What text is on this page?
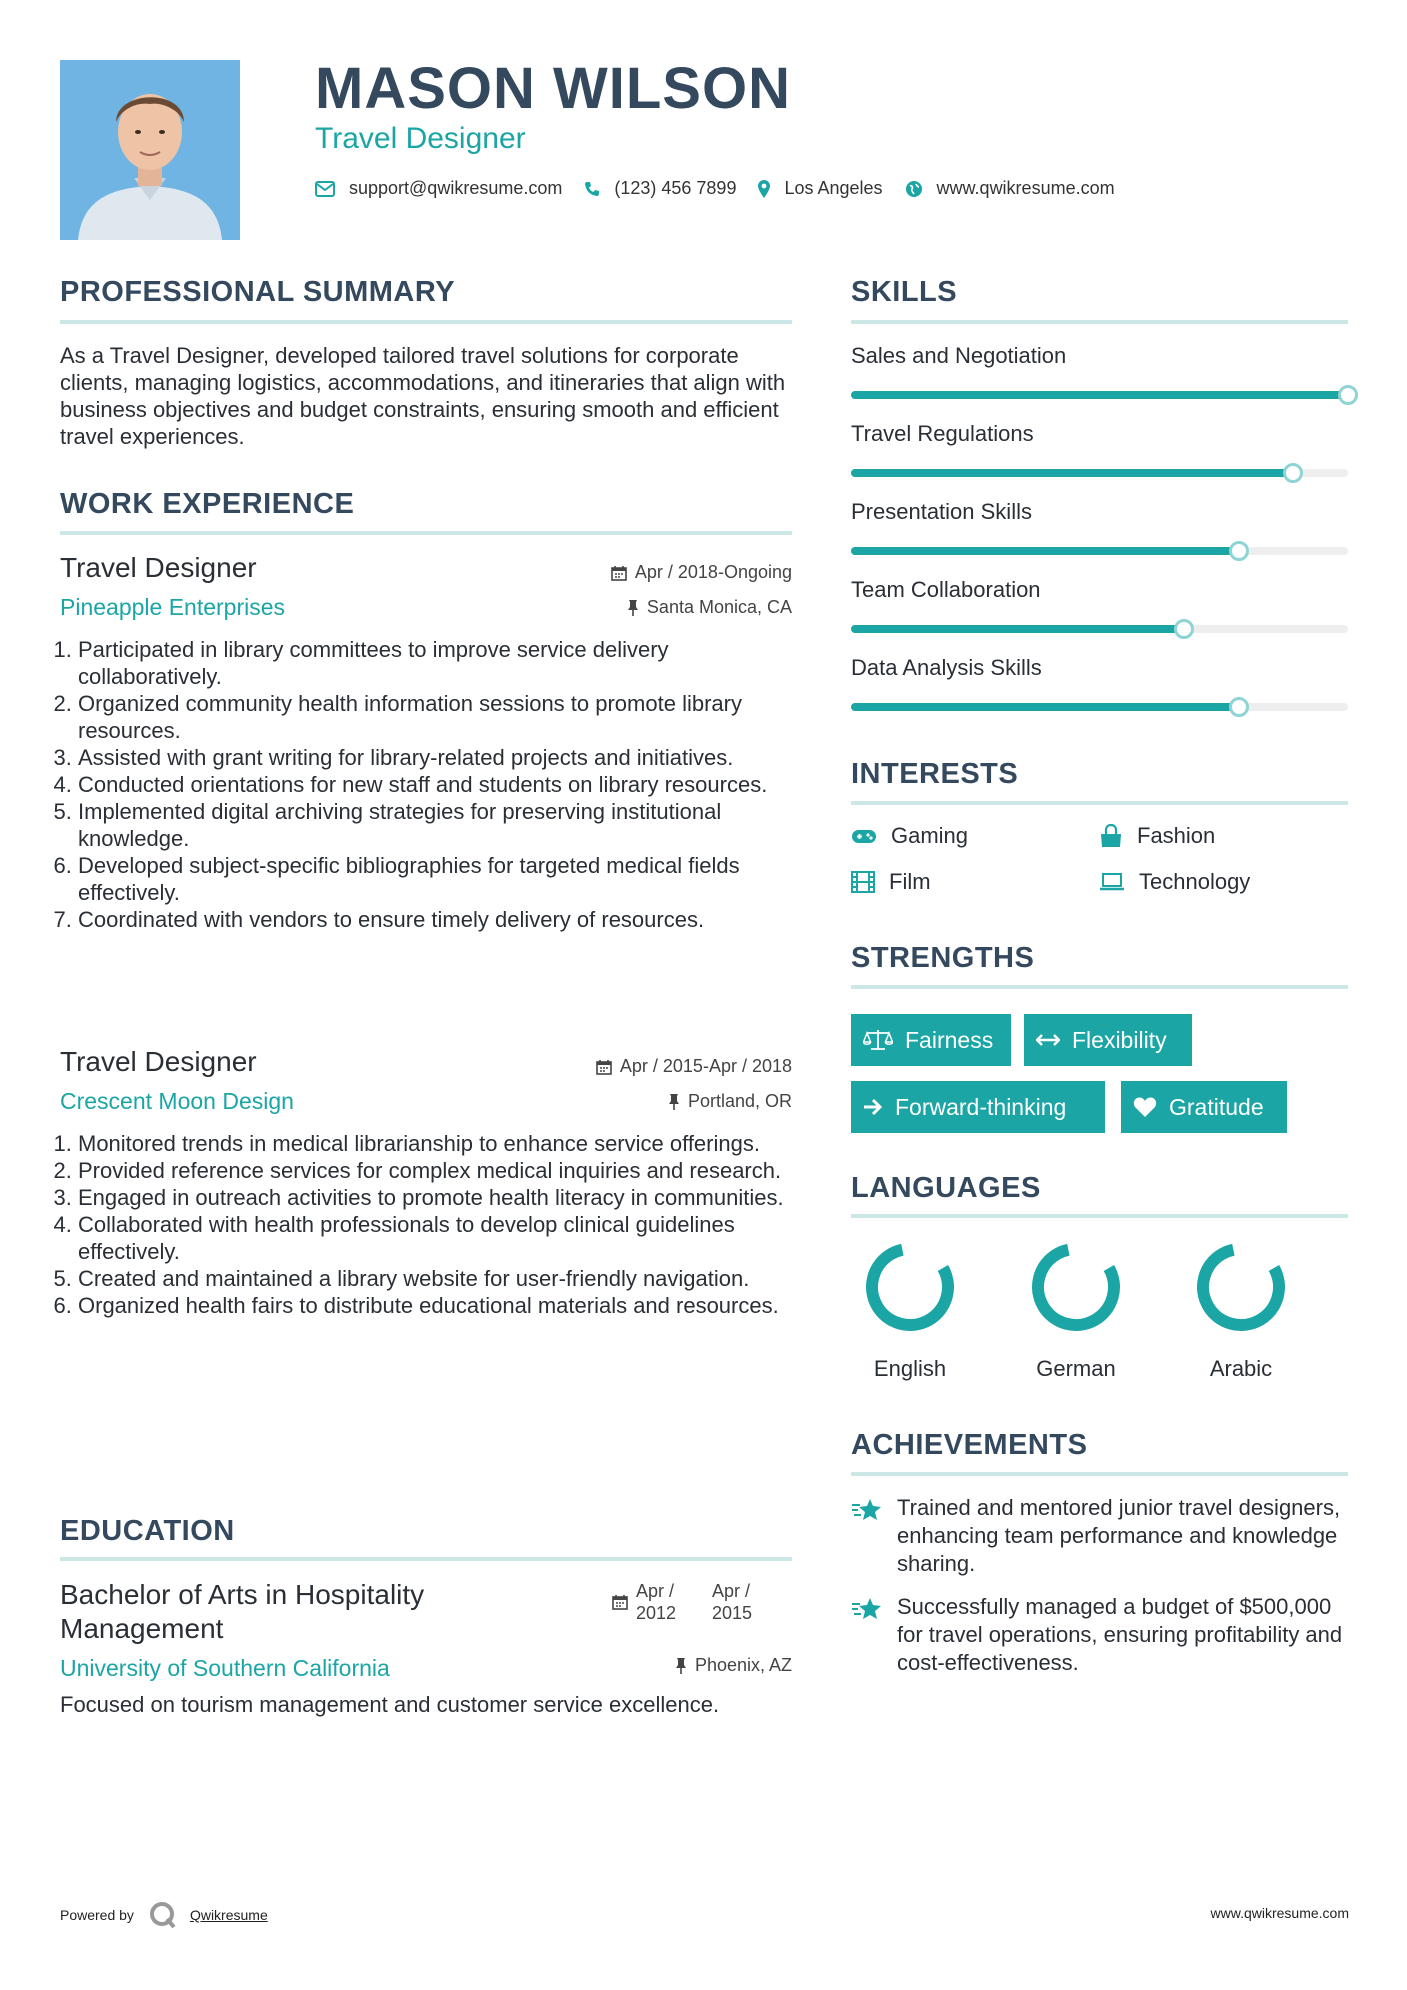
MASON WILSON
Travel Designer
support@qwikresume.com	(123) 456 7899	Los Angeles	www.qwikresume.com
PROFESSIONAL SUMMARY
As a Travel Designer, developed tailored travel solutions for corporate clients, managing logistics, accommodations, and itineraries that align with business objectives and budget constraints, ensuring smooth and efficient travel experiences.
WORK EXPERIENCE
Travel Designer
Pineapple Enterprises
Apr / 2018-Ongoing
Santa Monica, CA
1. Participated in library committees to improve service delivery collaboratively.
2. Organized community health information sessions to promote library resources.
3. Assisted with grant writing for library-related projects and initiatives.
4. Conducted orientations for new staff and students on library resources.
5. Implemented digital archiving strategies for preserving institutional knowledge.
6. Developed subject-specific bibliographies for targeted medical fields effectively.
7. Coordinated with vendors to ensure timely delivery of resources.
Travel Designer
Crescent Moon Design
Apr / 2015-Apr / 2018
Portland, OR
1. Monitored trends in medical librarianship to enhance service offerings.
2. Provided reference services for complex medical inquiries and research.
3. Engaged in outreach activities to promote health literacy in communities.
4. Collaborated with health professionals to develop clinical guidelines effectively.
5. Created and maintained a library website for user-friendly navigation.
6. Organized health fairs to distribute educational materials and resources.
EDUCATION
Bachelor of Arts in Hospitality Management
Apr / 2012
Apr / 2015
University of Southern California	Phoenix, AZ
Focused on tourism management and customer service excellence.
SKILLS
Sales and Negotiation
Travel Regulations
Presentation Skills
Team Collaboration
Data Analysis Skills
INTERESTS
Gaming	Fashion
Film	Technology
STRENGTHS
Fairness	Flexibility
Forward-thinking	Gratitude
LANGUAGES
English	German	Arabic
ACHIEVEMENTS
Trained and mentored junior travel designers, enhancing team performance and knowledge sharing.
Successfully managed a budget of $500,000 for travel operations, ensuring profitability and cost-effectiveness.
Powered by	Qwikresume	www.qwikresume.com
